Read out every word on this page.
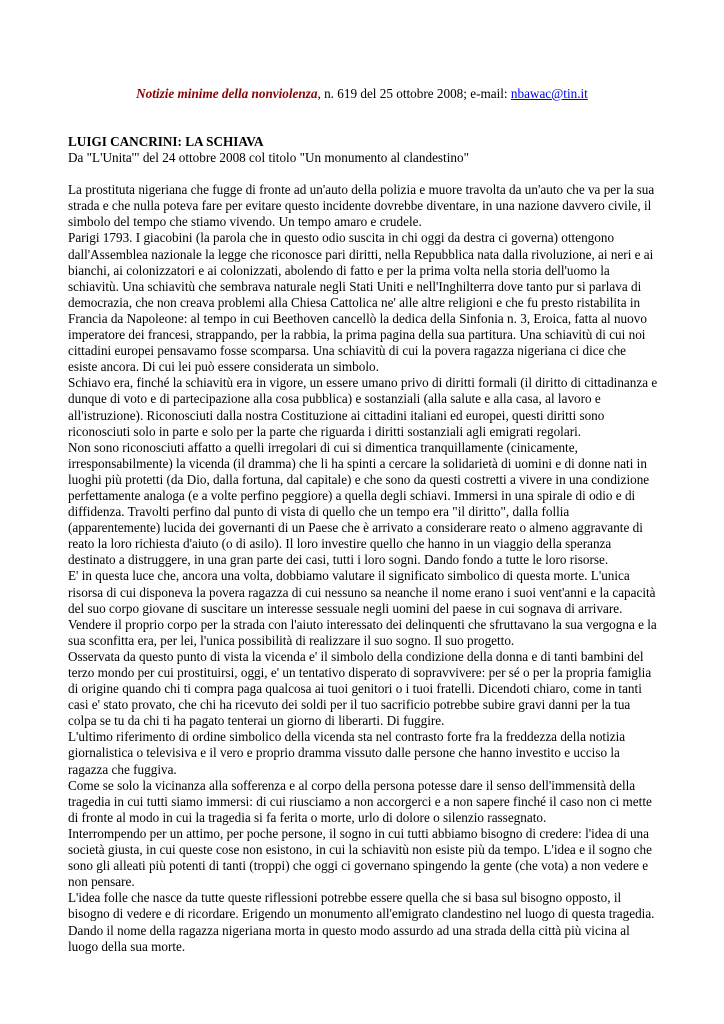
Notizie minime della nonviolenza, n. 619 del 25 ottobre 2008; e-mail: nbawac@tin.it

LUIGI CANCRINI: LA SCHIAVA

Da "L'Unita'" del 24 ottobre 2008 col titolo "Un monumento al clandestino"

La prostituta nigeriana che fugge di fronte ad un'auto della polizia e muore travolta da un'auto che va per la sua strada e che nulla poteva fare per evitare questo incidente dovrebbe diventare, in una nazione davvero civile, il simbolo del tempo che stiamo vivendo. Un tempo amaro e crudele.

Parigi 1793. I giacobini (la parola che in questo odio suscita in chi oggi da destra ci governa) ottengono dall'Assemblea nazionale la legge che riconosce pari diritti, nella Repubblica nata dalla rivoluzione, ai neri e ai bianchi, ai colonizzatori e ai colonizzati, abolendo di fatto e per la prima volta nella storia dell'uomo la schiavitù. Una schiavitù che sembrava naturale negli Stati Uniti e nell'Inghilterra dove tanto pur si parlava di democrazia, che non creava problemi alla Chiesa Cattolica ne' alle altre religioni e che fu presto ristabilita in Francia da Napoleone: al tempo in cui Beethoven cancellò la dedica della Sinfonia n. 3, Eroica, fatta al nuovo imperatore dei francesi, strappando, per la rabbia, la prima pagina della sua partitura. Una schiavitù di cui noi cittadini europei pensavamo fosse scomparsa. Una schiavitù di cui la povera ragazza nigeriana ci dice che esiste ancora. Di cui lei può essere considerata un simbolo.

Schiavo era, finché la schiavitù era in vigore, un essere umano privo di diritti formali (il diritto di cittadinanza e dunque di voto e di partecipazione alla cosa pubblica) e sostanziali (alla salute e alla casa, al lavoro e all'istruzione). Riconosciuti dalla nostra Costituzione ai cittadini italiani ed europei, questi diritti sono riconosciuti solo in parte e solo per la parte che riguarda i diritti sostanziali agli emigrati regolari.

Non sono riconosciuti affatto a quelli irregolari di cui si dimentica tranquillamente (cinicamente, irresponsabilmente) la vicenda (il dramma) che li ha spinti a cercare la solidarietà di uomini e di donne nati in luoghi più protetti (da Dio, dalla fortuna, dal capitale) e che sono da questi costretti a vivere in una condizione perfettamente analoga (e a volte perfino peggiore) a quella degli schiavi. Immersi in una spirale di odio e di diffidenza. Travolti perfino dal punto di vista di quello che un tempo era "il diritto", dalla follia (apparentemente) lucida dei governanti di un Paese che è arrivato a considerare reato o almeno aggravante di reato la loro richiesta d'aiuto (o di asilo). Il loro investire quello che hanno in un viaggio della speranza destinato a distruggere, in una gran parte dei casi, tutti i loro sogni. Dando fondo a tutte le loro risorse.

E' in questa luce che, ancora una volta, dobbiamo valutare il significato simbolico di questa morte. L'unica risorsa di cui disponeva la povera ragazza di cui nessuno sa neanche il nome erano i suoi vent'anni e la capacità del suo corpo giovane di suscitare un interesse sessuale negli uomini del paese in cui sognava di arrivare. Vendere il proprio corpo per la strada con l'aiuto interessato dei delinquenti che sfruttavano la sua vergogna e la sua sconfitta era, per lei, l'unica possibilità di realizzare il suo sogno. Il suo progetto.

Osservata da questo punto di vista la vicenda e' il simbolo della condizione della donna e di tanti bambini del terzo mondo per cui prostituirsi, oggi, e' un tentativo disperato di sopravvivere: per sé o per la propria famiglia di origine quando chi ti compra paga qualcosa ai tuoi genitori o i tuoi fratelli. Dicendoti chiaro, come in tanti casi e' stato provato, che chi ha ricevuto dei soldi per il tuo sacrificio potrebbe subire gravi danni per la tua colpa se tu da chi ti ha pagato tenterai un giorno di liberarti. Di fuggire.

L'ultimo riferimento di ordine simbolico della vicenda sta nel contrasto forte fra la freddezza della notizia giornalistica o televisiva e il vero e proprio dramma vissuto dalle persone che hanno investito e ucciso la ragazza che fuggiva.

Come se solo la vicinanza alla sofferenza e al corpo della persona potesse dare il senso dell'immensità della tragedia in cui tutti siamo immersi: di cui riusciamo a non accorgerci e a non sapere finché il caso non ci mette di fronte al modo in cui la tragedia si fa ferita o morte, urlo di dolore o silenzio rassegnato.

Interrompendo per un attimo, per poche persone, il sogno in cui tutti abbiamo bisogno di credere: l'idea di una società giusta, in cui queste cose non esistono, in cui la schiavitù non esiste più da tempo. L'idea e il sogno che sono gli alleati più potenti di tanti (troppi) che oggi ci governano spingendo la gente (che vota) a non vedere e non pensare.

L'idea folle che nasce da tutte queste riflessioni potrebbe essere quella che si basa sul bisogno opposto, il bisogno di vedere e di ricordare. Erigendo un monumento all'emigrato clandestino nel luogo di questa tragedia. Dando il nome della ragazza nigeriana morta in questo modo assurdo ad una strada della città più vicina al luogo della sua morte.
